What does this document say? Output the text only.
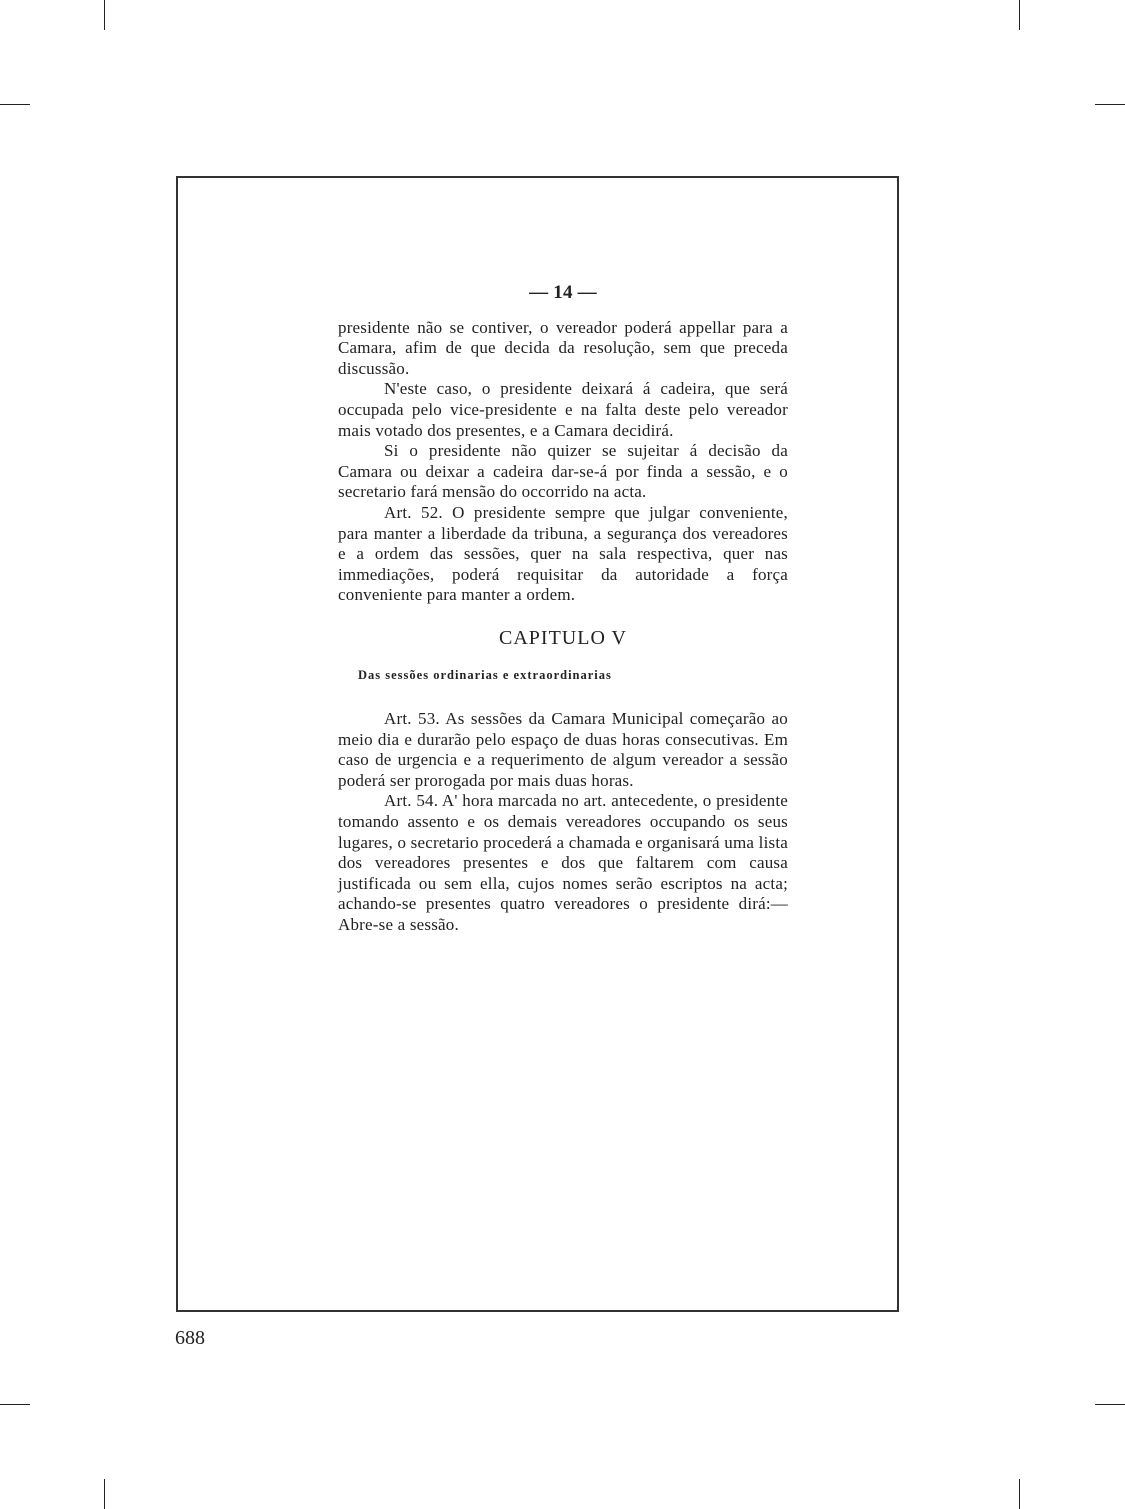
— 14 —

presidente não se contiver, o vereador poderá appellar para a Camara, afim de que decida da resolução, sem que preceda discussão.

N'este caso, o presidente deixará á cadeira, que será occupada pelo vice-presidente e na falta deste pelo vereador mais votado dos presentes, e a Camara decidirá.

Si o presidente não quizer se sujeitar á decisão da Camara ou deixar a cadeira dar-se-á por finda a sessão, e o secretario fará mensão do occorrido na acta.

Art. 52. O presidente sempre que julgar conveniente, para manter a liberdade da tribuna, a segurança dos vereadores e a ordem das sessões, quer na sala respectiva, quer nas immediações, poderá requisitar da autoridade a força conveniente para manter a ordem.

CAPITULO V
Das sessões ordinarias e extraordinarias

Art. 53. As sessões da Camara Municipal começarão ao meio dia e durarão pelo espaço de duas horas consecutivas. Em caso de urgencia e a requerimento de algum vereador a sessão poderá ser prorogada por mais duas horas.

Art. 54. A' hora marcada no art. antecedente, o presidente tomando assento e os demais vereadores occupando os seus lugares, o secretario procederá a chamada e organisará uma lista dos vereadores presentes e dos que faltarem com causa justificada ou sem ella, cujos nomes serão escriptos na acta; achando-se presentes quatro vereadores o presidente dirá:—Abre-se a sessão.

688
